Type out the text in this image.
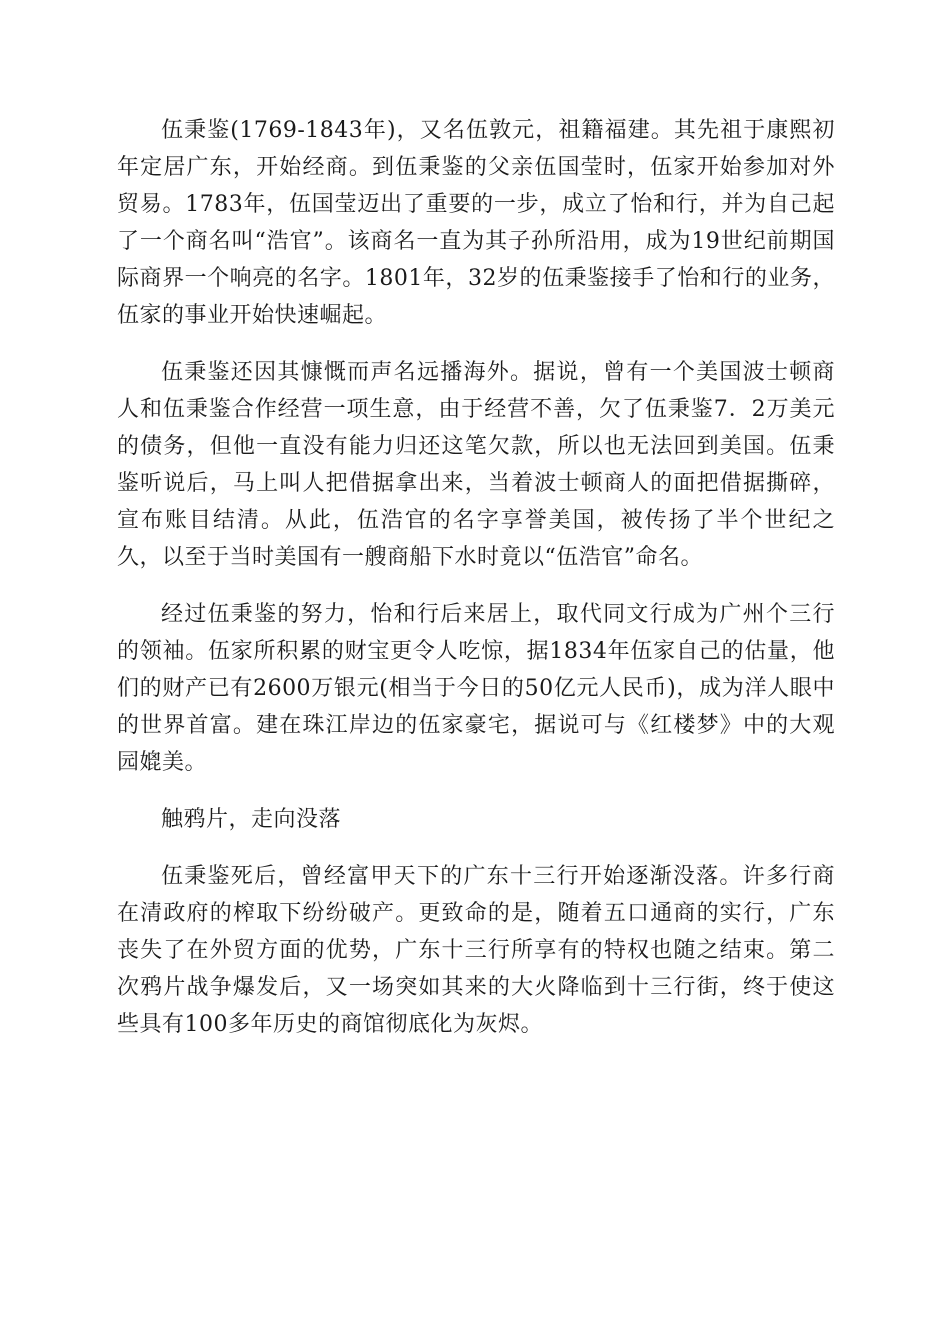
伍秉鉴(1769-1843年)，又名伍敦元，祖籍福建。其先祖于康熙初年定居广东，开始经商。到伍秉鉴的父亲伍国莹时，伍家开始参加对外贸易。1783年，伍国莹迈出了重要的一步，成立了怡和行，并为自己起了一个商名叫“浩官”。该商名一直为其子孙所沿用，成为19世纪前期国际商界一个响亮的名字。1801年，32岁的伍秉鉴接手了怡和行的业务，伍家的事业开始快速崛起。

伍秉鉴还因其慷慨而声名远播海外。据说，曾有一个美国波士顿商人和伍秉鉴合作经营一项生意，由于经营不善，欠了伍秉鉴7．2万美元的债务，但他一直没有能力归还这笔欠款，所以也无法回到美国。伍秉鉴听说后，马上叫人把借据拿出来，当着波士顿商人的面把借据撕碎，宣布账目结清。从此，伍浩官的名字享誉美国，被传扬了半个世纪之久，以至于当时美国有一艘商船下水时竟以“伍浩官”命名。

经过伍秉鉴的努力，怡和行后来居上，取代同文行成为广州个三行的领袖。伍家所积累的财宝更令人吃惊，据1834年伍家自己的估量，他们的财产已有2600万银元(相当于今日的50亿元人民币)，成为洋人眼中的世界首富。建在珠江岸边的伍家豪宅，据说可与《红楼梦》中的大观园媲美。

触鸦片，走向没落

伍秉鉴死后，曾经富甲天下的广东十三行开始逐渐没落。许多行商在清政府的榨取下纷纷破产。更致命的是，随着五口通商的实行，广东丧失了在外贸方面的优势，广东十三行所享有的特权也随之结束。第二次鸦片战争爆发后，又一场突如其来的大火降临到十三行街，终于使这些具有100多年历史的商馆彻底化为灰烬。
